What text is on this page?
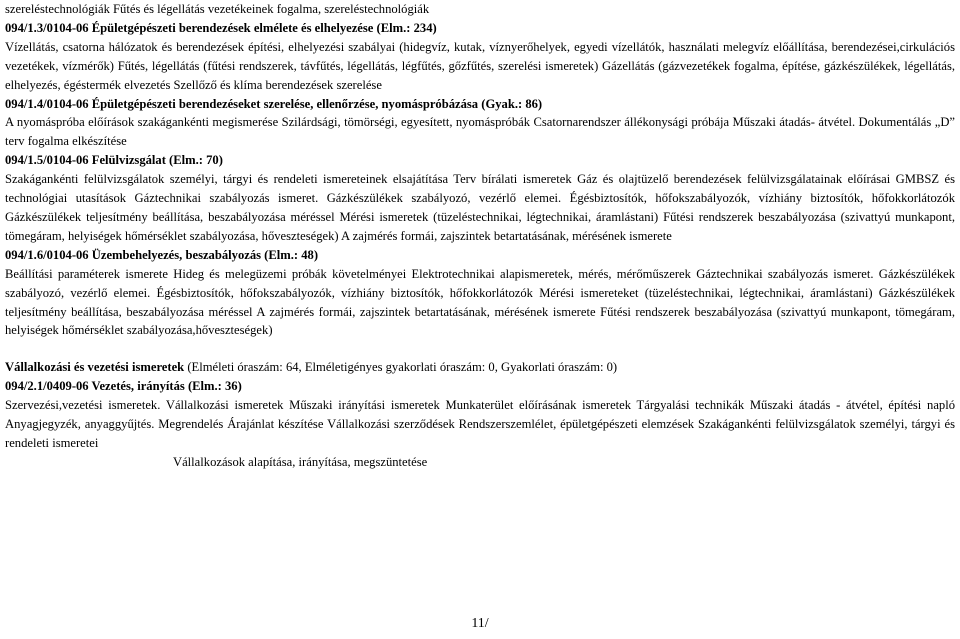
szereléstechnológiák Fűtés és légellátás vezetékeinek fogalma, szereléstechnológiák

094/1.3/0104-06 Épületgépészeti berendezések elmélete és elhelyezése (Elm.: 234)

Vízellátás, csatorna hálózatok és berendezések építési, elhelyezési szabályai (hidegvíz, kutak, víznyerőhelyek, egyedi vízellátók, használati melegvíz előállítása, berendezései,cirkulációs vezetékek, vízmérők) Fűtés, légellátás (fűtési rendszerek, távfűtés, légellátás, légfűtés, gőzfűtés, szerelési ismeretek) Gázellátás (gázvezetékek fogalma, építése, gázkészülékek, légellátás, elhelyezés, égéstermék elvezetés Szellőző és klíma berendezések szerelése

094/1.4/0104-06 Épületgépészeti berendezéseket szerelése, ellenőrzése, nyomáspróbázása (Gyak.: 86)

A nyomáspróba előírások szakágankénti megismerése Szilárdsági, tömörségi, egyesített, nyomáspróbák Csatornarendszer állékonysági próbája Műszaki átadás- átvétel. Dokumentálás „D” terv fogalma elkészítése

094/1.5/0104-06 Felülvizsgálat (Elm.: 70)

Szakágankénti felülvizsgálatok személyi, tárgyi és rendeleti ismereteinek elsajátítása Terv bírálati ismeretek Gáz és olajtüzelő berendezések felülvizsgálatainak előírásai GMBSZ és technológiai utasítások Gáztechnikai szabályozás ismeret. Gázkészülékek szabályozó, vezérlő elemei. Égésbiztosítók, hőfokszabályozók, vízhiány biztosítók, hőfokkorlátozók Gázkészülékek teljesítmény beállítása, beszabályozása méréssel Mérési ismeretek (tüzeléstechnikai, légtechnikai, áramlástani) Fűtési rendszerek beszabályozása (szivattyú munkapont, tömegáram, helyiségek hőmérséklet szabályozása, hőveszteségek) A zajmérés formái, zajszintek betartatásának, mérésének ismerete

094/1.6/0104-06 Üzembehelyezés, beszabályozás (Elm.: 48)

Beállítási paraméterek ismerete Hideg és melegüzemi próbák követelményei Elektrotechnikai alapismeretek, mérés, mérőműszerek Gáztechnikai szabályozás ismeret. Gázkészülékek szabályozó, vezérlő elemei. Égésbiztosítók, hőfokszabályozók, vízhiány biztosítók, hőfokkorlátozók Mérési ismereteket (tüzeléstechnikai, légtechnikai, áramlástani) Gázkészülékek teljesítmény beállítása, beszabályozása méréssel A zajmérés formái, zajszintek betartatásának, mérésének ismerete Fűtési rendszerek beszabályozása (szivattyú munkapont, tömegáram, helyiségek hőmérséklet szabályozása,hőveszteségek)

Vállalkozási és vezetési ismeretek (Elméleti óraszám: 64, Elméletigényes gyakorlati óraszám: 0, Gyakorlati óraszám: 0)

094/2.1/0409-06 Vezetés, irányítás (Elm.: 36)

Szervezési,vezetési ismeretek. Vállalkozási ismeretek Műszaki irányítási ismeretek Munkaterület előírásának ismeretek Tárgyalási technikák Műszaki átadás - átvétel, építési napló Anyagjegyzék, anyaggyűjtés. Megrendelés Árajánlat készítése Vállalkozási szerződések Rendszerszemlélet, épületgépészeti elemzések Szakágankénti felülvizsgálatok személyi, tárgyi és rendeleti ismeretei

Vállalkozások alapítása, irányítása, megszüntetése

11/
